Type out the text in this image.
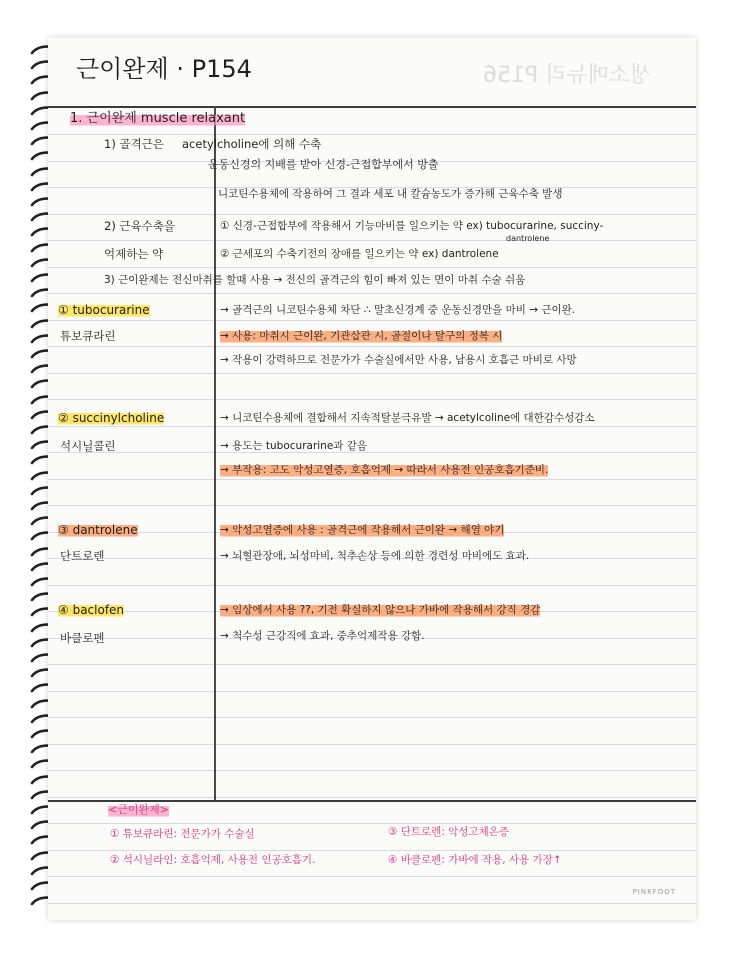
생소메뉴리 P156
근이완제 · P154
1. 근이완제 muscle relaxant
1) 골격근은 acetylcholine에 의해 수축
운동신경의 지배를 받아 신경-근접합부에서 방출
니코틴수용체에 작용하여 그 결과 세포 내 칼슘농도가 증가해 근육수축 발생
2) 근육수축을
억제하는 약
① 신경-근접합부에 작용해서 기능마비를 일으키는 약 ex) tubocurarine, succiny-
dantrolene
② 근세포의 수축기전의 장애를 일으키는 약 ex) dantrolene
3) 근이완제는 전신마취를 할때 사용 → 전신의 골격근의 힘이 빠져 있는 면이 마취 수술 쉬움
① tubocurarine
튜보큐라린
→ 골격근의 니코틴수용체 차단 ∴ 말초신경계 중 운동신경만을 마비 → 근이완.
→ 사용: 마취시 근이완, 기관삽관 시, 골절이나 탈구의 정복 시
→ 작용이 강력하므로 전문가가 수술실에서만 사용, 남용시 호흡근 마비로 사망
② succinylcholine
석시닐콜린
→ 니코틴수용체에 결합해서 지속적탈분극유발 → acetylcoline에 대한감수성감소
→ 용도는 tubocurarine과 같음
→ 부작용: 고도 악성고열증, 호흡억제 → 따라서 사용전 인공호흡기준비.
③ dantrolene
단트로렌
→ 악성고열증에 사용 : 골격근에 작용해서 근이완 → 해열 야기
→ 뇌혈관장애, 뇌성마비, 척추손상 등에 의한 경련성 마비에도 효과.
④ baclofen
바클로펜
→ 임상에서 사용 ??, 기전 확실하지 않으나 가바에 작용해서 강직 경감
→ 척수성 근강직에 효과, 중추억제작용 강함.
<근이완제>
① 튜보큐라린: 전문가가 수술실	③ 단트로렌: 악성고체온증
② 석시닐라인: 호흡억제, 사용전 인공호흡기.	④ 바클로펜: 가바에 작용, 사용 가장↑
PINKFOOT
